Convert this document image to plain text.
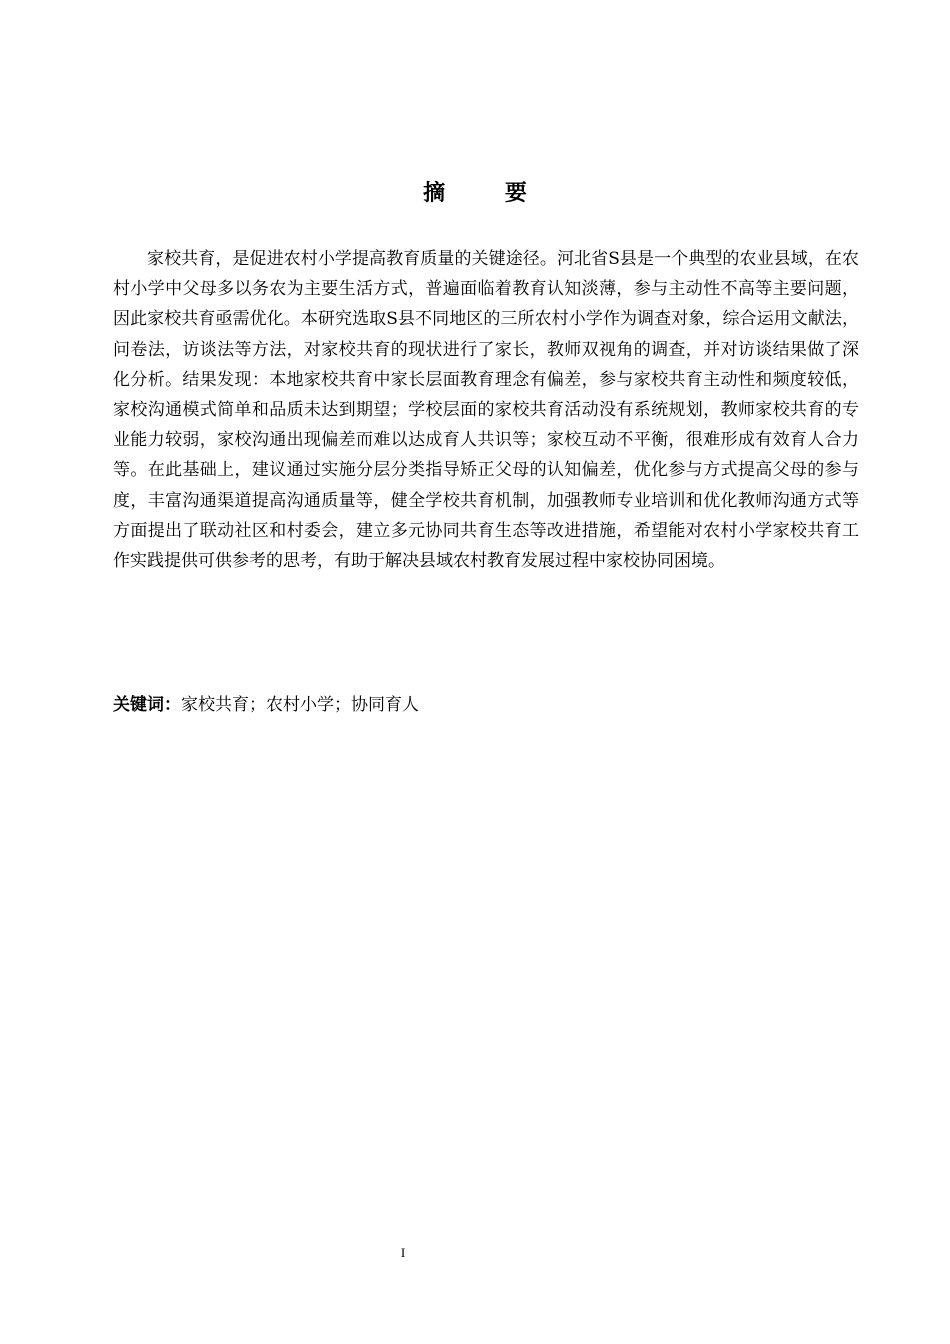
摘 要

家校共育，是促进农村小学提高教育质量的关键途径。河北省S县是一个典型的农业县域，在农村小学中父母多以务农为主要生活方式，普遍面临着教育认知淡薄，参与主动性不高等主要问题，因此家校共育亟需优化。本研究选取S县不同地区的三所农村小学作为调查对象，综合运用文献法，问卷法，访谈法等方法，对家校共育的现状进行了家长，教师双视角的调查，并对访谈结果做了深化分析。结果发现：本地家校共育中家长层面教育理念有偏差，参与家校共育主动性和频度较低，家校沟通模式简单和品质未达到期望；学校层面的家校共育活动没有系统规划，教师家校共育的专业能力较弱，家校沟通出现偏差而难以达成育人共识等；家校互动不平衡，很难形成有效育人合力等。在此基础上，建议通过实施分层分类指导矫正父母的认知偏差，优化参与方式提高父母的参与度，丰富沟通渠道提高沟通质量等，健全学校共育机制，加强教师专业培训和优化教师沟通方式等方面提出了联动社区和村委会，建立多元协同共育生态等改进措施，希望能对农村小学家校共育工作实践提供可供参考的思考，有助于解决县域农村教育发展过程中家校协同困境。

关键词：家校共育；农村小学；协同育人

I
